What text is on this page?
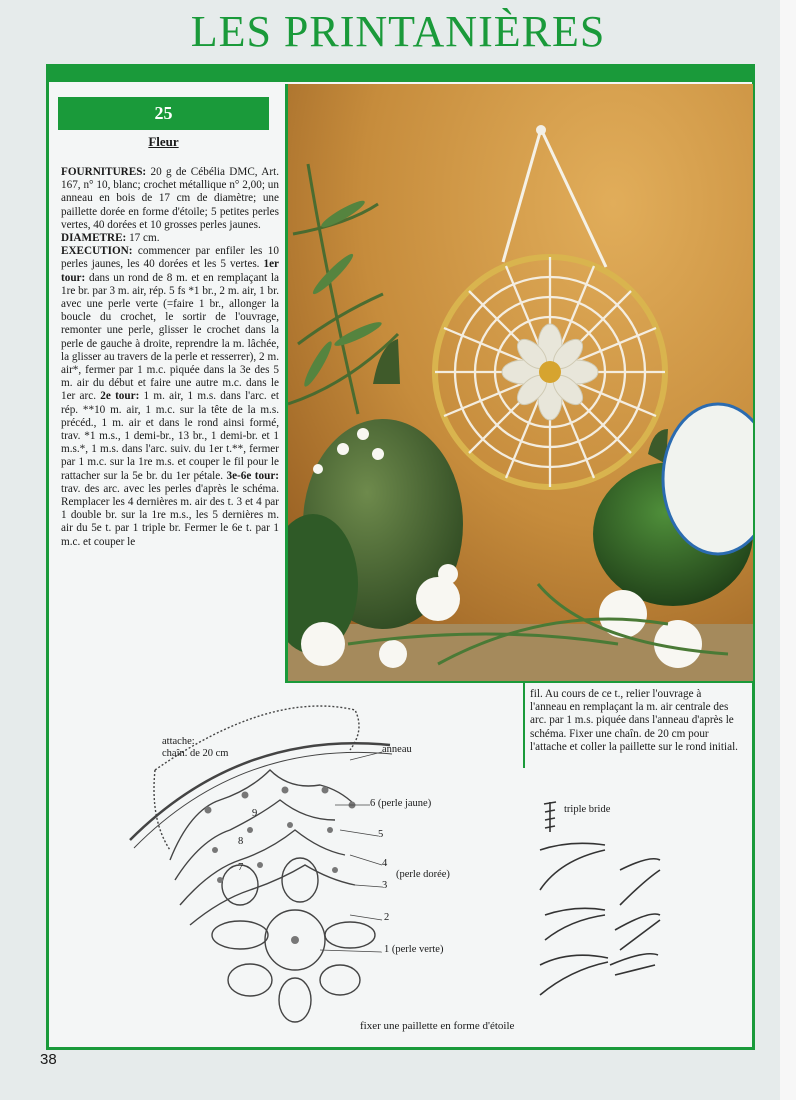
LES PRINTANIÈRES
25
Fleur
FOURNITURES: 20 g de Cébélia DMC, Art. 167, n° 10, blanc; crochet métallique n° 2,00; un anneau en bois de 17 cm de diamètre; une paillette dorée en forme d'étoile; 5 petites perles vertes, 40 dorées et 10 grosses perles jaunes.
DIAMETRE: 17 cm.
EXECUTION: commencer par enfiler les 10 perles jaunes, les 40 dorées et les 5 vertes. 1er tour: dans un rond de 8 m. et en remplaçant la 1re br. par 3 m. air, rép. 5 fs *1 br., 2 m. air, 1 br. avec une perle verte (=faire 1 br., allonger la boucle du crochet, le sortir de l'ouvrage, remonter une perle, glisser le crochet dans la perle de gauche à droite, reprendre la m. lâchée, la glisser au travers de la perle et resserrer), 2 m. air*, fermer par 1 m.c. piquée dans la 3e des 5 m. air du début et faire une autre m.c. dans le 1er arc. 2e tour: 1 m. air, 1 m.s. dans l'arc. et rép. **10 m. air, 1 m.c. sur la tête de la m.s. précéd., 1 m. air et dans le rond ainsi formé, trav. *1 m.s., 1 demi-br., 13 br., 1 demi-br. et 1 m.s.*, 1 m.s. dans l'arc. suiv. du 1er t.**, fermer par 1 m.c. sur la 1re m.s. et couper le fil pour le rattacher sur la 5e br. du 1er pétale. 3e-6e tour: trav. des arc. avec les perles d'après le schéma. Remplacer les 4 dernières m. air des t. 3 et 4 par 1 double br. sur la 1re m.s., les 5 dernières m. air du 5e t. par 1 triple br. Fermer le 6e t. par 1 m.c. et couper le
fil. Au cours de ce t., relier l'ouvrage à l'anneau en remplaçant la m. air centrale des arc. par 1 m.s. piquée dans l'anneau d'après le schéma. Fixer une chaîn. de 20 cm pour l'attache et coller la paillette sur le rond initial.
attache:
chaîn. de 20 cm	anneau
6 (perle jaune)
5
4
3
(perle dorée)
2
1 (perle verte)
9
8
7
fixer une paillette en forme d'étoile
triple bride
38
